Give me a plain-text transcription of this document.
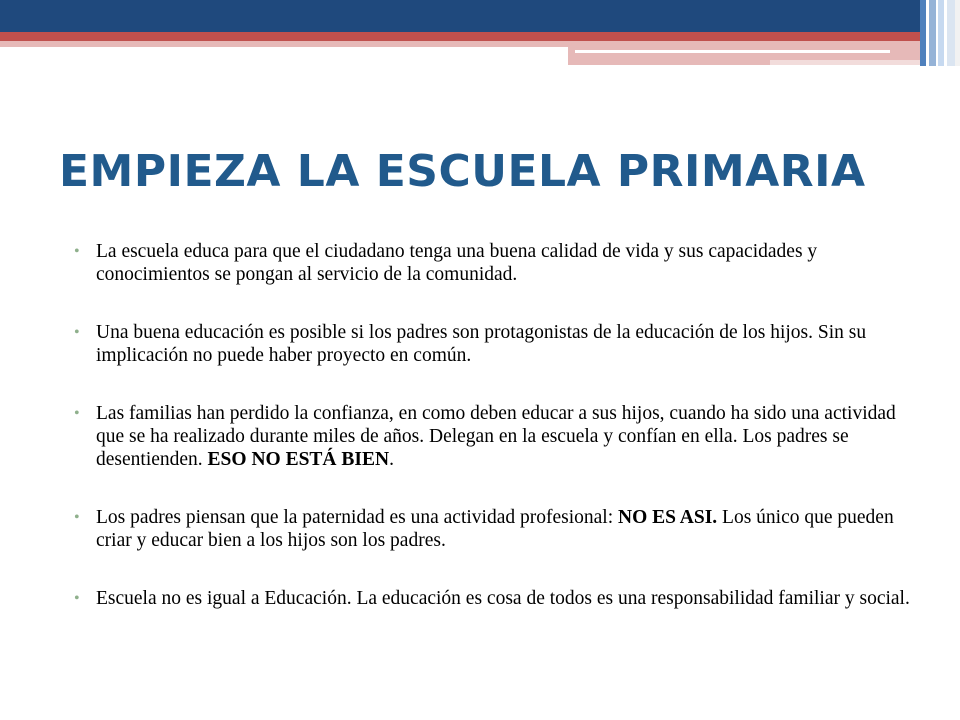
EMPIEZA LA ESCUELA PRIMARIA
• La escuela educa para que el ciudadano tenga una buena calidad de vida y sus capacidades y conocimientos se pongan al servicio de la comunidad.
• Una buena educación es posible si los padres son protagonistas de la educación de los hijos. Sin su implicación no puede haber proyecto en común.
• Las familias han perdido la confianza, en como deben educar a sus hijos, cuando ha sido una actividad que se ha realizado durante miles de años. Delegan en la escuela y confían en ella. Los padres se desentienden. ESO NO ESTÁ BIEN.
• Los padres piensan que la paternidad es una actividad profesional: NO ES ASI. Los único que pueden criar y educar bien a los hijos son los padres.
• Escuela no es igual a Educación. La educación es cosa de todos es una responsabilidad familiar y social.
